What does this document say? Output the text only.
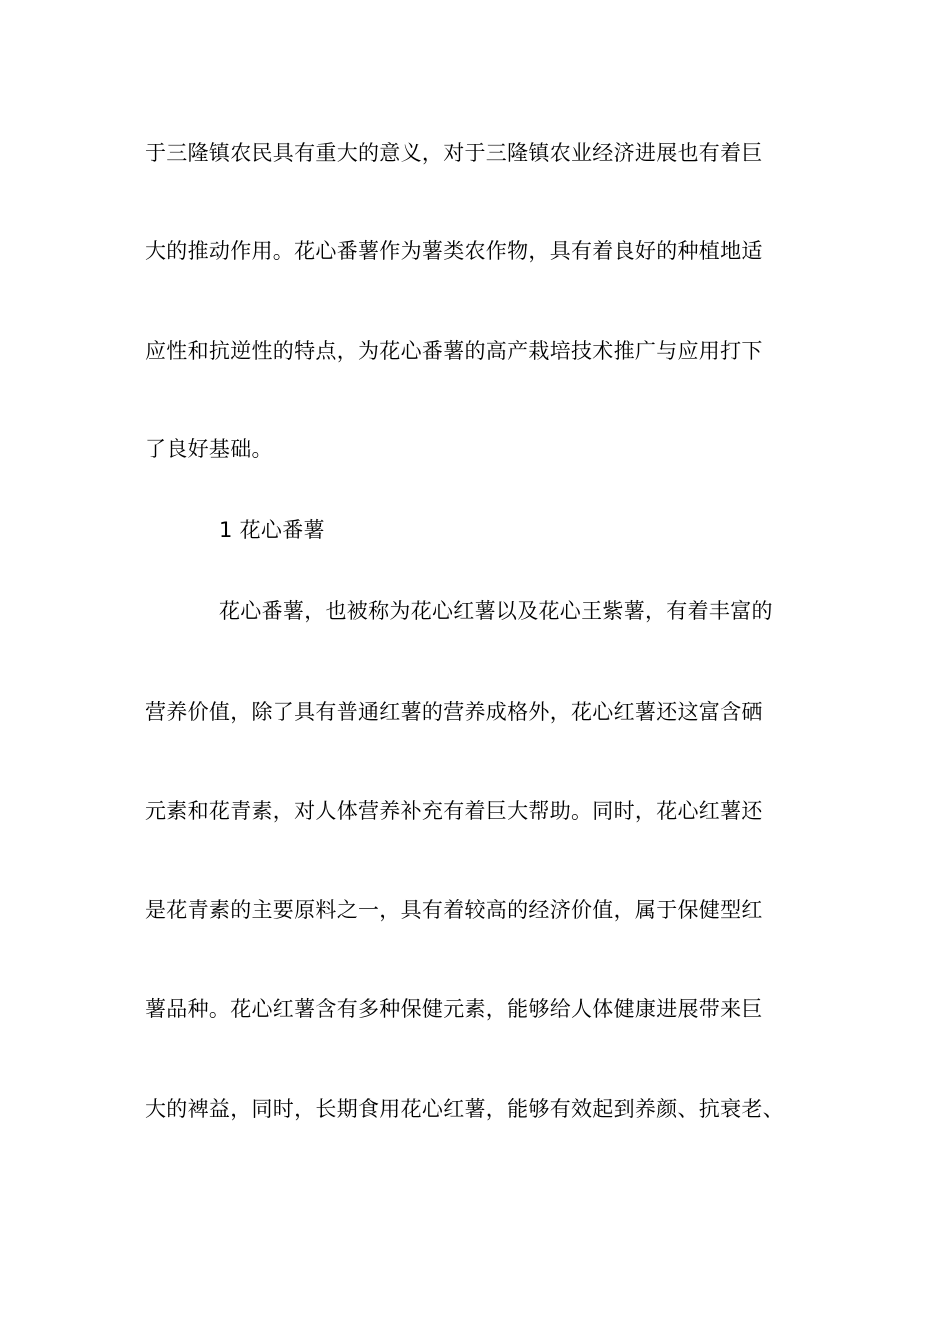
于三隆镇农民具有重大的意义，对于三隆镇农业经济进展也有着巨
大的推动作用。花心番薯作为薯类农作物，具有着良好的种植地适
应性和抗逆性的特点，为花心番薯的高产栽培技术推广与应用打下
了良好基础。
1 花心番薯
花心番薯，也被称为花心红薯以及花心王紫薯，有着丰富的
营养价值，除了具有普通红薯的营养成格外，花心红薯还这富含硒
元素和花青素，对人体营养补充有着巨大帮助。同时，花心红薯还
是花青素的主要原料之一，具有着较高的经济价值，属于保健型红
薯品种。花心红薯含有多种保健元素，能够给人体健康进展带来巨
大的裨益，同时，长期食用花心红薯，能够有效起到养颜、抗衰老、
